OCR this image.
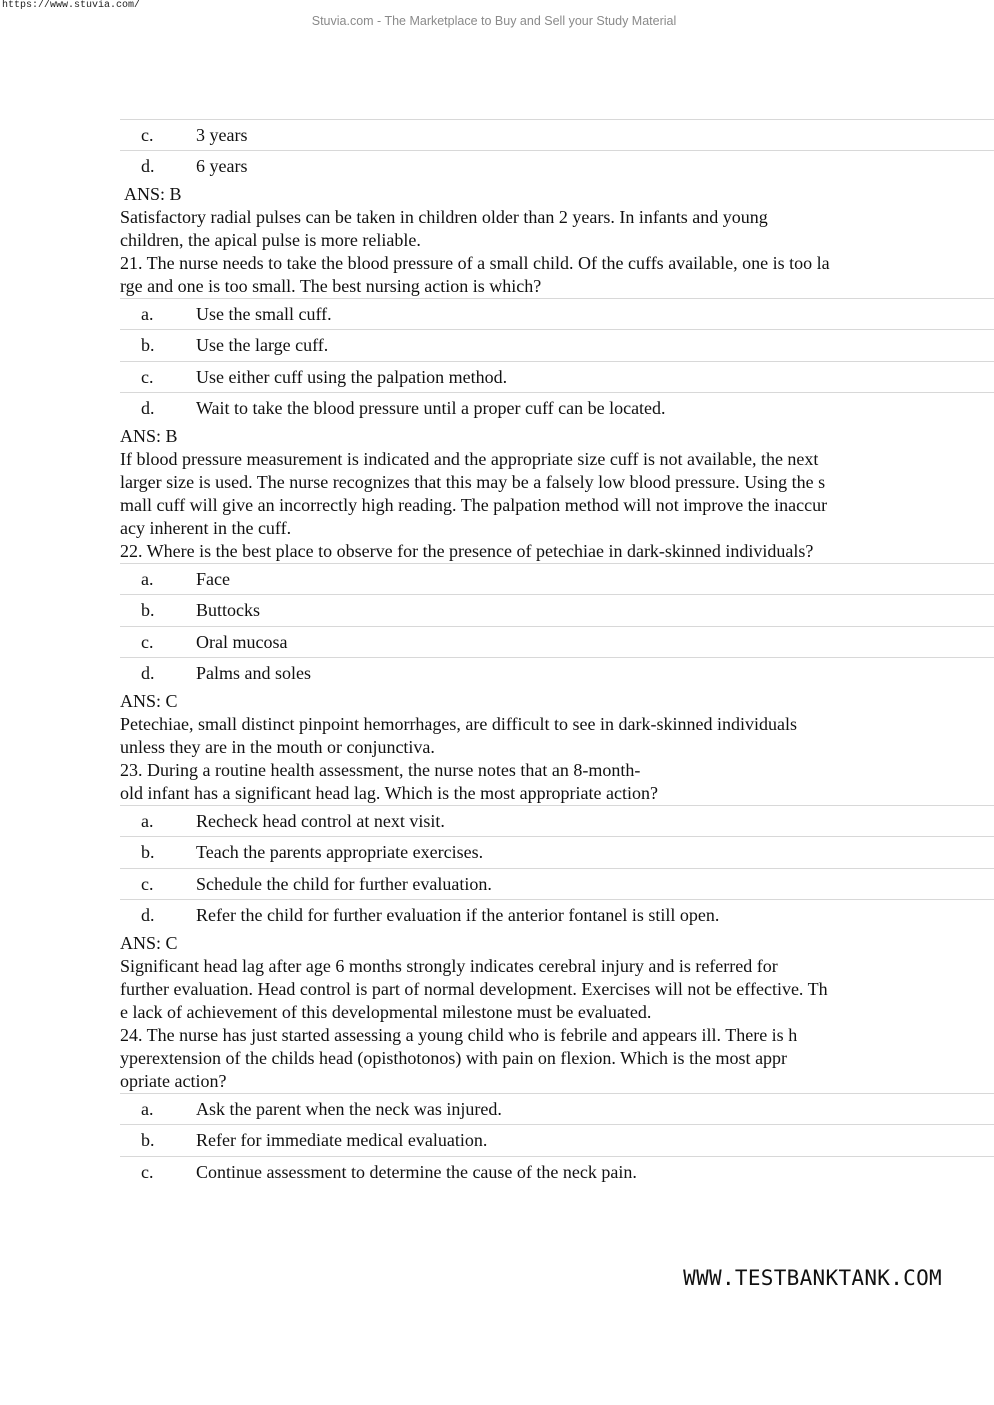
https://www.stuvia.com/
Stuvia.com - The Marketplace to Buy and Sell your Study Material
c.	3 years
d.	6 years
ANS: B
Satisfactory radial pulses can be taken in children older than 2 years. In infants and young
children, the apical pulse is more reliable.
21. The nurse needs to take the blood pressure of a small child. Of the cuffs available, one is too la
rge and one is too small. The best nursing action is which?
a.	Use the small cuff.
b.	Use the large cuff.
c.	Use either cuff using the palpation method.
d.	Wait to take the blood pressure until a proper cuff can be located.
ANS: B
If blood pressure measurement is indicated and the appropriate size cuff is not available, the next
larger size is used. The nurse recognizes that this may be a falsely low blood pressure. Using the s
mall cuff will give an incorrectly high reading. The palpation method will not improve the inaccur
acy inherent in the cuff.
22. Where is the best place to observe for the presence of petechiae in dark-skinned individuals?
a.	Face
b.	Buttocks
c.	Oral mucosa
d.	Palms and soles
ANS: C
Petechiae, small distinct pinpoint hemorrhages, are difficult to see in dark-skinned individuals
unless they are in the mouth or conjunctiva.
23. During a routine health assessment, the nurse notes that an 8-month-
old infant has a significant head lag. Which is the most appropriate action?
a.	Recheck head control at next visit.
b.	Teach the parents appropriate exercises.
c.	Schedule the child for further evaluation.
d.	Refer the child for further evaluation if the anterior fontanel is still open.
ANS: C
Significant head lag after age 6 months strongly indicates cerebral injury and is referred for
further evaluation. Head control is part of normal development. Exercises will not be effective. Th
e lack of achievement of this developmental milestone must be evaluated.
24. The nurse has just started assessing a young child who is febrile and appears ill. There is h
yperextension of the childs head (opisthotonos) with pain on flexion. Which is the most appr
opriate action?
a.	Ask the parent when the neck was injured.
b.	Refer for immediate medical evaluation.
c.	Continue assessment to determine the cause of the neck pain.
WWW.TESTBANKTANK.COM
